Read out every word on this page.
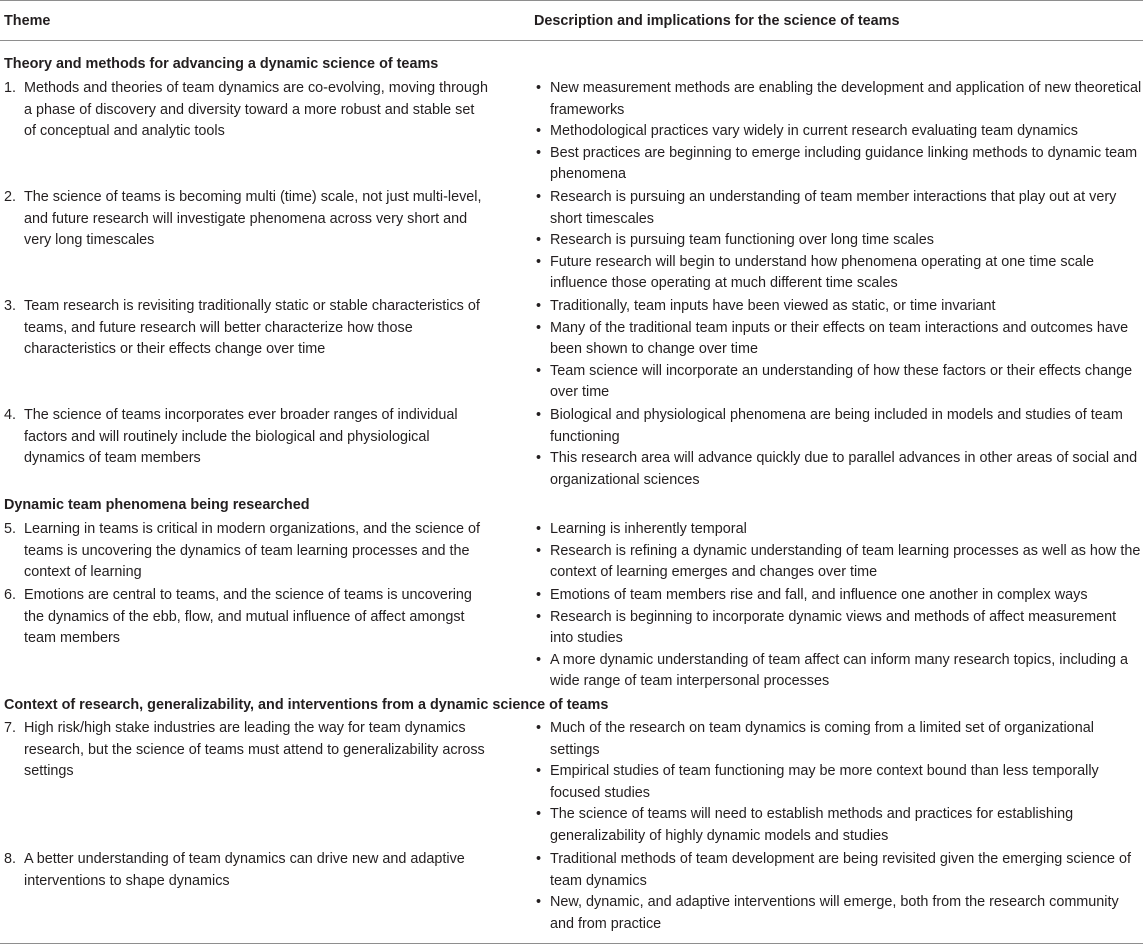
Theme	Description and implications for the science of teams
Theory and methods for advancing a dynamic science of teams
1. Methods and theories of team dynamics are co-evolving, moving through a phase of discovery and diversity toward a more robust and stable set of conceptual and analytic tools
• New measurement methods are enabling the development and application of new theoretical frameworks
• Methodological practices vary widely in current research evaluating team dynamics
• Best practices are beginning to emerge including guidance linking methods to dynamic team phenomena
2. The science of teams is becoming multi (time) scale, not just multi-level, and future research will investigate phenomena across very short and very long timescales
• Research is pursuing an understanding of team member interactions that play out at very short timescales
• Research is pursuing team functioning over long time scales
• Future research will begin to understand how phenomena operating at one time scale influence those operating at much different time scales
3. Team research is revisiting traditionally static or stable characteristics of teams, and future research will better characterize how those characteristics or their effects change over time
• Traditionally, team inputs have been viewed as static, or time invariant
• Many of the traditional team inputs or their effects on team interactions and outcomes have been shown to change over time
• Team science will incorporate an understanding of how these factors or their effects change over time
4. The science of teams incorporates ever broader ranges of individual factors and will routinely include the biological and physiological dynamics of team members
• Biological and physiological phenomena are being included in models and studies of team functioning
• This research area will advance quickly due to parallel advances in other areas of social and organizational sciences
Dynamic team phenomena being researched
5. Learning in teams is critical in modern organizations, and the science of teams is uncovering the dynamics of team learning processes and the context of learning
• Learning is inherently temporal
• Research is refining a dynamic understanding of team learning processes as well as how the context of learning emerges and changes over time
6. Emotions are central to teams, and the science of teams is uncovering the dynamics of the ebb, flow, and mutual influence of affect amongst team members
• Emotions of team members rise and fall, and influence one another in complex ways
• Research is beginning to incorporate dynamic views and methods of affect measurement into studies
• A more dynamic understanding of team affect can inform many research topics, including a wide range of team interpersonal processes
Context of research, generalizability, and interventions from a dynamic science of teams
7. High risk/high stake industries are leading the way for team dynamics research, but the science of teams must attend to generalizability across settings
• Much of the research on team dynamics is coming from a limited set of organizational settings
• Empirical studies of team functioning may be more context bound than less temporally focused studies
• The science of teams will need to establish methods and practices for establishing generalizability of highly dynamic models and studies
8. A better understanding of team dynamics can drive new and adaptive interventions to shape dynamics
• Traditional methods of team development are being revisited given the emerging science of team dynamics
• New, dynamic, and adaptive interventions will emerge, both from the research community and from practice
